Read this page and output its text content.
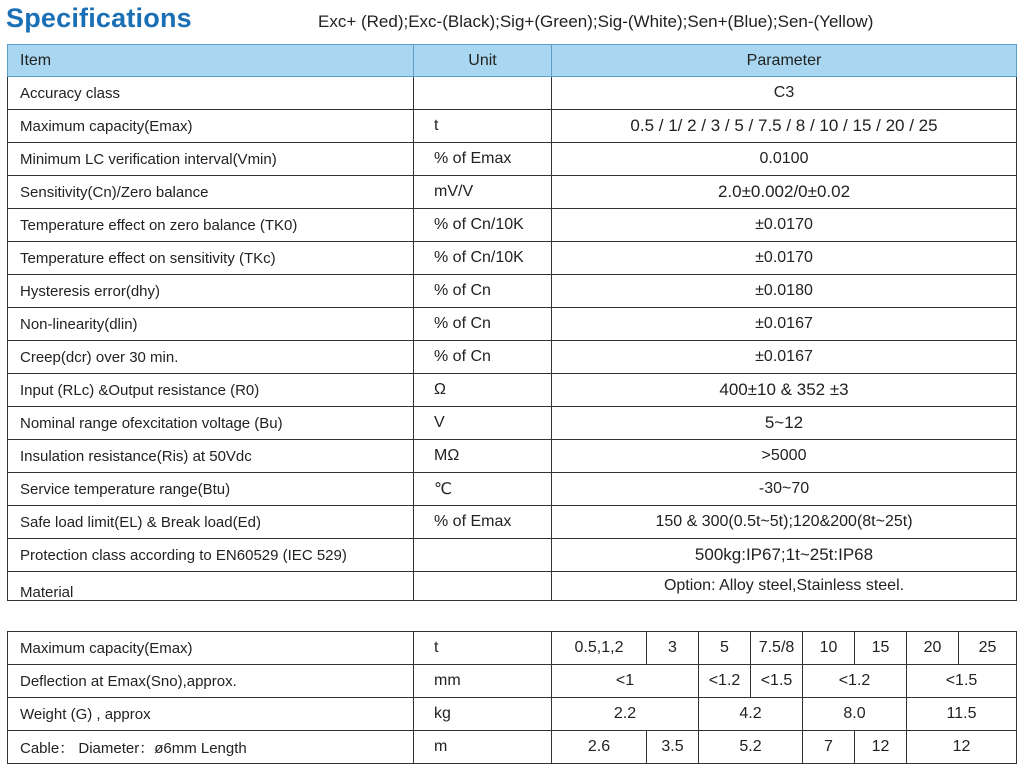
Specifications	Exc+ (Red);Exc-(Black);Sig+(Green);Sig-(White);Sen+(Blue);Sen-(Yellow)
Item	Unit	Parameter
Accuracy class		C3
Maximum capacity(Emax)	t	0.5 / 1/ 2 / 3 / 5 / 7.5 / 8 / 10 / 15 / 20 / 25
Minimum LC verification interval(Vmin)	% of Emax	0.0100
Sensitivity(Cn)/Zero balance	mV/V	2.0±0.002/0±0.02
Temperature effect on zero balance (TK0)	% of Cn/10K	±0.0170
Temperature effect on sensitivity (TKc)	% of Cn/10K	±0.0170
Hysteresis error(dhy)	% of Cn	±0.0180
Non-linearity(dlin)	% of Cn	±0.0167
Creep(dcr) over 30 min.	% of Cn	±0.0167
Input (RLc) &Output resistance (R0)	Ω	400±10 & 352 ±3
Nominal range ofexcitation voltage (Bu)	V	5~12
Insulation resistance(Ris) at 50Vdc	MΩ	>5000
Service temperature range(Btu)	℃	-30~70
Safe load limit(EL) & Break load(Ed)	% of Emax	150 & 300(0.5t~5t);120&200(8t~25t)
Protection class according to EN60529 (IEC 529)		500kg:IP67;1t~25t:IP68

Material		Option: Alloy steel,Stainless steel.
Maximum capacity(Emax)	t	0.5,1,2	3	5	7.5/8	10	15	20	25
Deflection at Emax(Sno),approx.	mm	<1		<1.2	<1.5	<1.2		<1.5	
Weight (G) , approx	kg	2.2		4.2		8.0		11.5	
Cable： Diameter：ø6mm Length	m	2.6	3.5	5.2		7	12	12	
